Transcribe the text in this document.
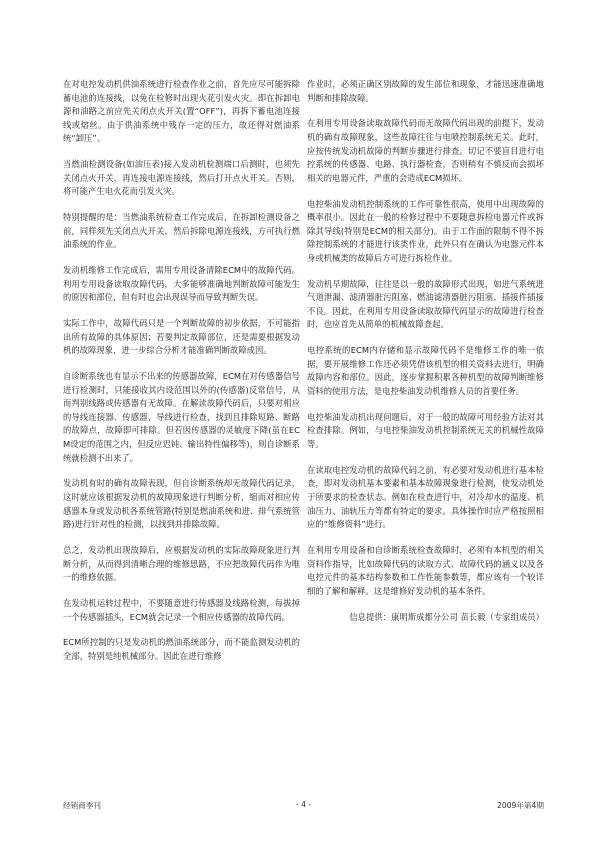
在对电控发动机供油系统进行检查作业之前，首先应尽可能拆除蓄电池的连接线，以免在检修时出现火花引发火灾。即在拆卸电源和油路之前应先关闭点火开关(置“OFF”)，再拆下蓄电池连接线或熔丝。由于供油系统中残存一定的压力，故还得对燃油系统“卸压”。

当燃油检测设备(如油压表)接入发动机检测端口后测时，也须先关闭点火开关，再连接电源连接线，然后打开点火开关。否则，将可能产生电火花而引发火灾。

特别提醒的是：当燃油系统检查工作完成后，在拆卸检测设备之前，同样须先关闭点火开关，然后拆除电源连接线，方可执行燃油系统的作业。

发动机维修工作完成后，需用专用设备清除ECM中的故障代码。利用专用设备读取故障代码，大多能够准确地判断故障可能发生的原因和部位，但有时也会出现误导而导致判断失误。

实际工作中，故障代码只是一个判断故障的初步依据，不可能指出所有故障的具体原因；若要判定故障部位，还是需要根据发动机的故障现象，进一步综合分析才能准确判断故障成因。

自诊断系统也有显示不出来的传感器故障，ECM在对传感器信号进行检测时，只能接收其内设范围以外的(传感器)反常信号，从而判别线路或传感器有无故障。在解读故障代码后，只要对相应的导线连接器、传感器、导线进行检查，找到且排除短路、断路的故障点，故障即可排除。但若因传感器的灵敏度下降(虽在ECM设定的范围之内，但反应迟钝、输出特性偏移等)，则自诊断系统就检测不出来了。

发动机有时的确有故障表现，但自诊断系统却无故障代码记录，这时就应该根据发动机的故障现象进行判断分析，缩而对相应传感器本身或发动机各系统管路(特别是燃油系统和进、排气系统管路)进行针对性的检测，以找到并排除故障。

总之，发动机出现故障后，应根据发动机的实际故障现象进行判断分析，从而得到清晰合理的维修思路，不应把故障代码作为唯一的维修依据。

在发动机运转过程中，不要随意进行传感器及线路检测，每拔掉一个传感器插头，ECM就会记录一个相应传感器的故障代码。

ECM所控制的只是发动机的燃油系统部分，而不能监测发动机的全部，特别是纯机械部分。因此在进行维修

作业时，必须正确区别故障的发生部位和现象，才能迅速准确地判断和排除故障。

在利用专用设备读取故障代码而无故障代码出现的前提下，发动机的确有故障现象，这些故障往往与电喷控制系统无关。此时，应按传统发动机故障的判断步骤进行排查。切记不要盲目进行电控系统的传感器、电路、执行器检查，否则稍有不慎反而会损坏相关的电器元件，严重的会造成ECM损坏。

电控柴油发动机控制系统的工作可靠性很高，使用中出现故障的概率很小。因此在一般的检修过程中不要随意拆检电器元件或拆除其导线(特别是ECM的相关部分)。由于工作面的限制不得不拆除控制系统的才能进行该类作业，此外只有在确认为电器元件本身或机械类的故障后方可进行拆检作业。

发动机早期故障，往往是以一般的故障形式出现，如进气系统进气道泄漏、滤清器脏污阻塞、燃油滤清器脏污阻塞、插接件插接不良。因此，在利用专用设备读取故障代码显示的故障进行检查时，也应首先从简单的机械故障查起。

电控系统的ECM内存储和显示故障代码不是维修工作的唯一依据，要开展维修工作还必须凭借该机型的相关资料去进行，明确故障内容和部位。因此，逐步掌握积累各种机型的故障判断维修资料的使用方法，是电控柴油发动机维修人员的首要任务。

电控柴油发动机出现问题后，对于一般的故障可用经验方法对其检查排除。例如，与电控柴油发动机控制系统无关的机械性故障等。

在读取电控发动机的故障代码之前，有必要对发动机进行基本检查，即对发动机基本要素和基本故障现象进行检测，使发动机处于所要求的检查状态。例如在检查进行中，对冷却水的温度、机油压力、油轨压力等都有特定的要求。具体操作时应严格按照相应的“维修资料”进行。

在利用专用设备和自诊断系统检查故障时，必须有本机型的相关资料作指导，比如故障代码的读取方式、故障代码的涵义以及各电控元件的基本结构参数和工作性能参数等，都应该有一个较详细的了解和解释。这是维修好发动机的基本条件。

信息提供：康明斯成都分公司 苗长毅（专家组成员）

经销商季刊	- 4 -	2009年第4期
